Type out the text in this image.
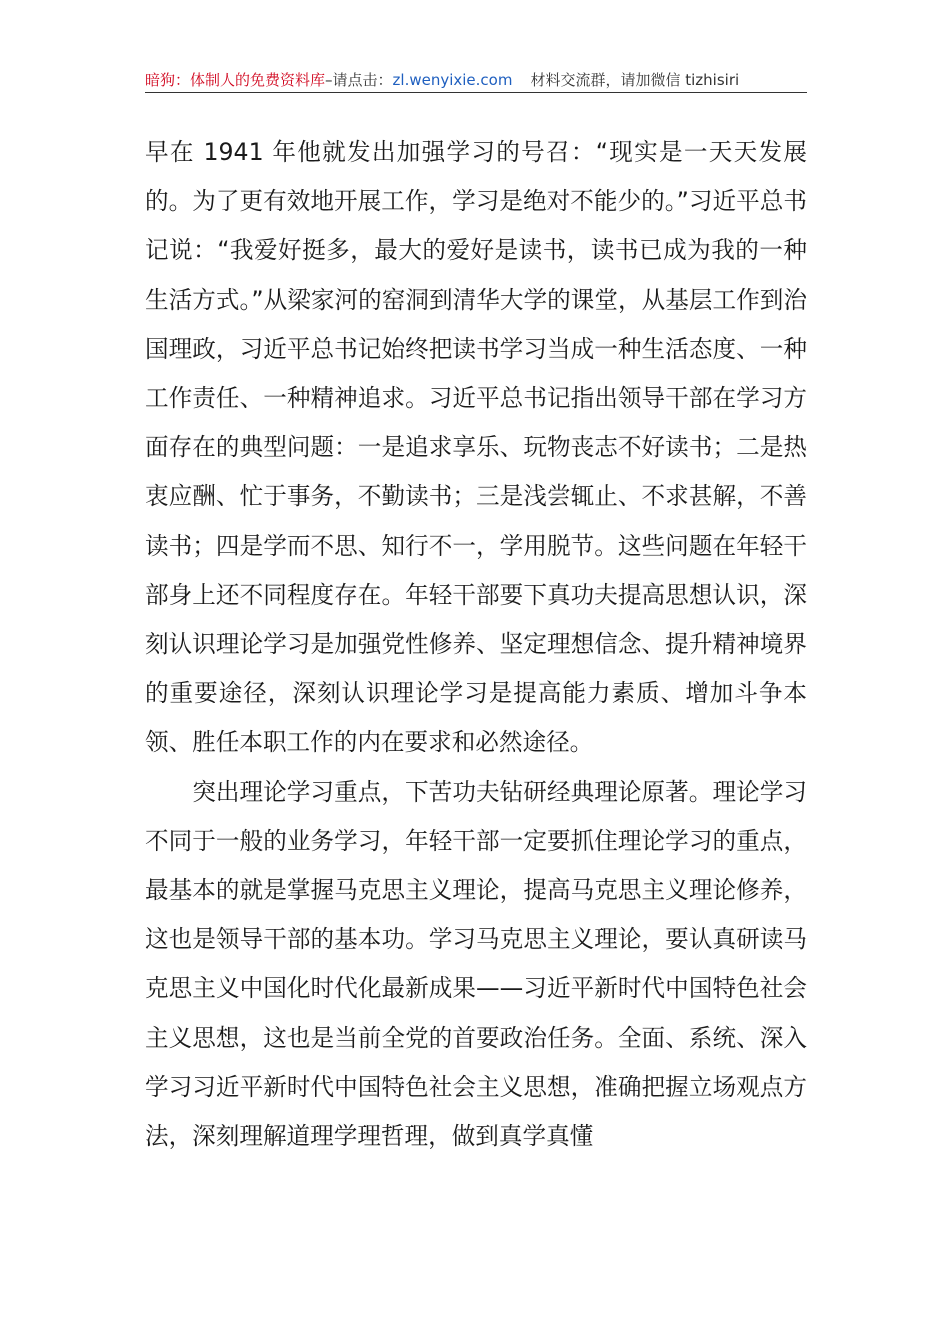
暗狗：体制人的免费资料库–请点击：zl.wenyixie.com 材料交流群，请加微信 tizhisiri

早在 1941 年他就发出加强学习的号召：“现实是一天天发展的。为了更有效地开展工作，学习是绝对不能少的。”习近平总书记说：“我爱好挺多，最大的爱好是读书，读书已成为我的一种生活方式。”从梁家河的窑洞到清华大学的课堂，从基层工作到治国理政，习近平总书记始终把读书学习当成一种生活态度、一种工作责任、一种精神追求。习近平总书记指出领导干部在学习方面存在的典型问题：一是追求享乐、玩物丧志不好读书；二是热衷应酬、忙于事务，不勤读书；三是浅尝辄止、不求甚解，不善读书；四是学而不思、知行不一，学用脱节。这些问题在年轻干部身上还不同程度存在。年轻干部要下真功夫提高思想认识，深刻认识理论学习是加强党性修养、坚定理想信念、提升精神境界的重要途径，深刻认识理论学习是提高能力素质、增加斗争本领、胜任本职工作的内在要求和必然途径。

突出理论学习重点，下苦功夫钻研经典理论原著。理论学习不同于一般的业务学习，年轻干部一定要抓住理论学习的重点，最基本的就是掌握马克思主义理论，提高马克思主义理论修养，这也是领导干部的基本功。学习马克思主义理论，要认真研读马克思主义中国化时代化最新成果——习近平新时代中国特色社会主义思想，这也是当前全党的首要政治任务。全面、系统、深入学习习近平新时代中国特色社会主义思想，准确把握立场观点方法，深刻理解道理学理哲理，做到真学真懂
